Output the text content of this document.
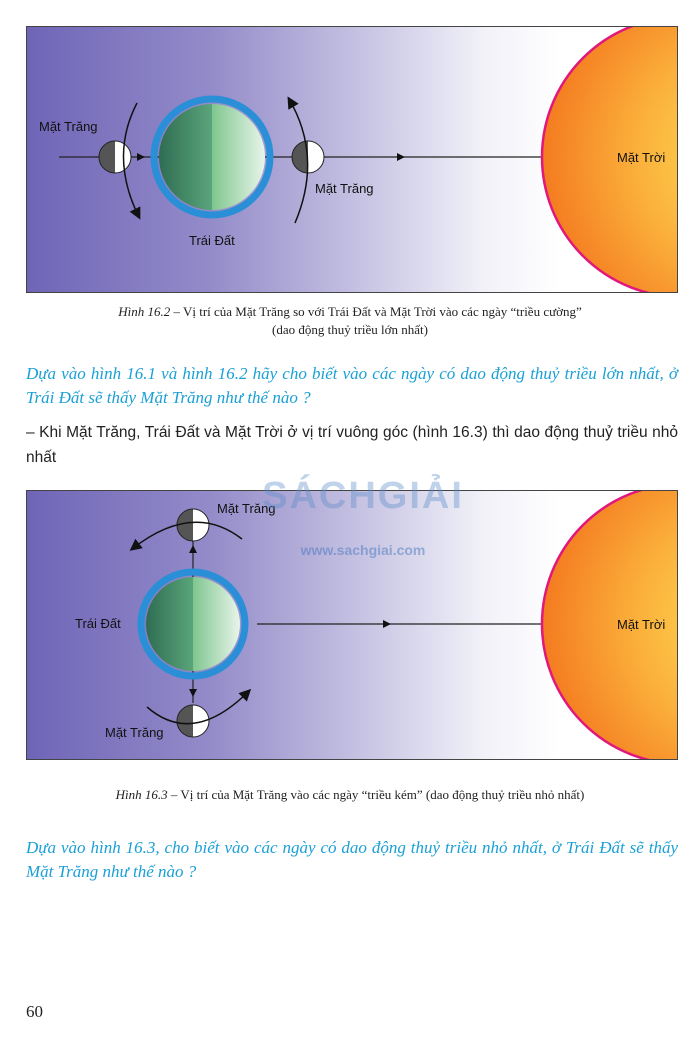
Mặt Trời
Trái Đất
Mặt Trăng
Mặt Trăng
Hình 16.2 – Vị trí của Mặt Trăng so với Trái Đất và Mặt Trời vào các ngày “triều cường”
(dao động thuỷ triều lớn nhất)
Dựa vào hình 16.1 và hình 16.2 hãy cho biết vào các ngày có dao động thuỷ triều lớn nhất, ở Trái Đất sẽ thấy Mặt Trăng như thế nào ?
– Khi Mặt Trăng, Trái Đất và Mặt Trời ở vị trí vuông góc (hình 16.3) thì dao động thuỷ triều nhỏ nhất
Mặt Trời
Trái Đất
Mặt Trăng
Mặt Trăng
SÁCHGIẢI
www.sachgiai.com
Hình 16.3 – Vị trí của Mặt Trăng vào các ngày “triều kém” (dao động thuỷ triều nhỏ nhất)
Dựa vào hình 16.3, cho biết vào các ngày có dao động thuỷ triều nhỏ nhất, ở Trái Đất sẽ thấy Mặt Trăng như thế nào ?
60
